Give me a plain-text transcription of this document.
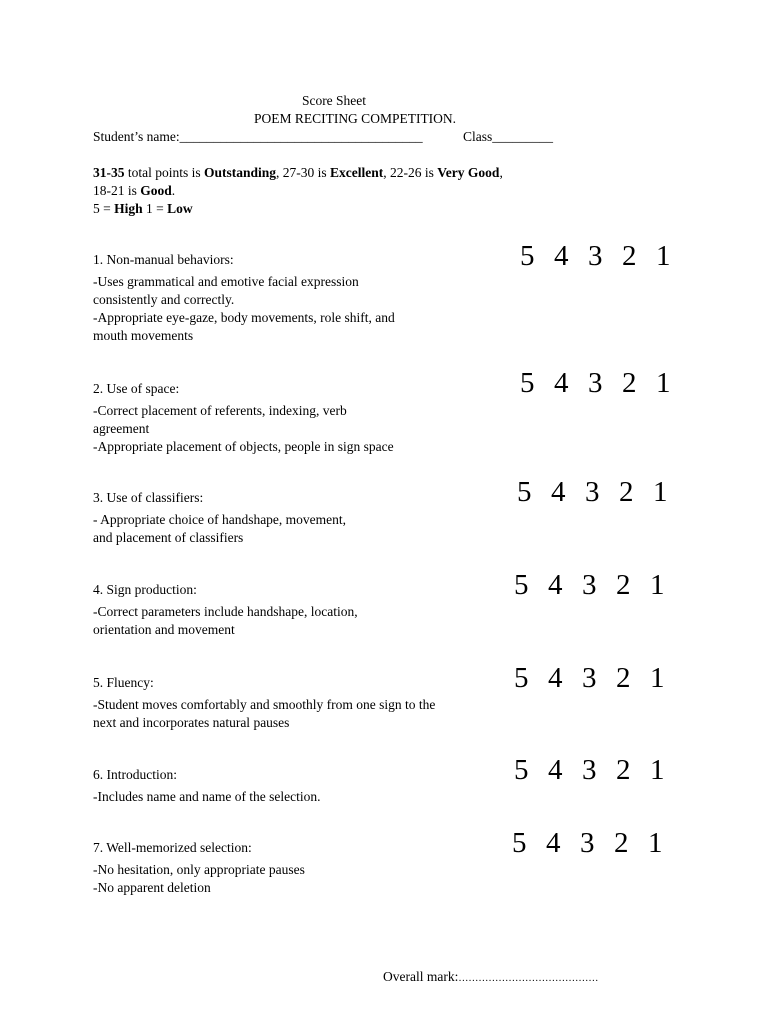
Score Sheet
POEM RECITING COMPETITION.
Student’s name:____________________________________	Class_________
31-35 total points is Outstanding, 27-30 is Excellent, 22-26 is Very Good,
18-21 is Good.
5 = High 1 = Low
1. Non-manual behaviors:
-Uses grammatical and emotive facial expression
consistently and correctly.
-Appropriate eye-gaze, body movements, role shift, and
mouth movements
5 4 3 2 1
2. Use of space:
-Correct placement of referents, indexing, verb
agreement
-Appropriate placement of objects, people in sign space
5 4 3 2 1
3. Use of classifiers:
- Appropriate choice of handshape, movement,
and placement of classifiers
5 4 3 2 1
4. Sign production:
-Correct parameters include handshape, location,
orientation and movement
5 4 3 2 1
5. Fluency:
-Student moves comfortably and smoothly from one sign to the
next and incorporates natural pauses
5 4 3 2 1
6. Introduction:
-Includes name and name of the selection.
5 4 3 2 1
7. Well-memorized selection:
-No hesitation, only appropriate pauses
-No apparent deletion
5 4 3 2 1
Overall mark:……………………………………
